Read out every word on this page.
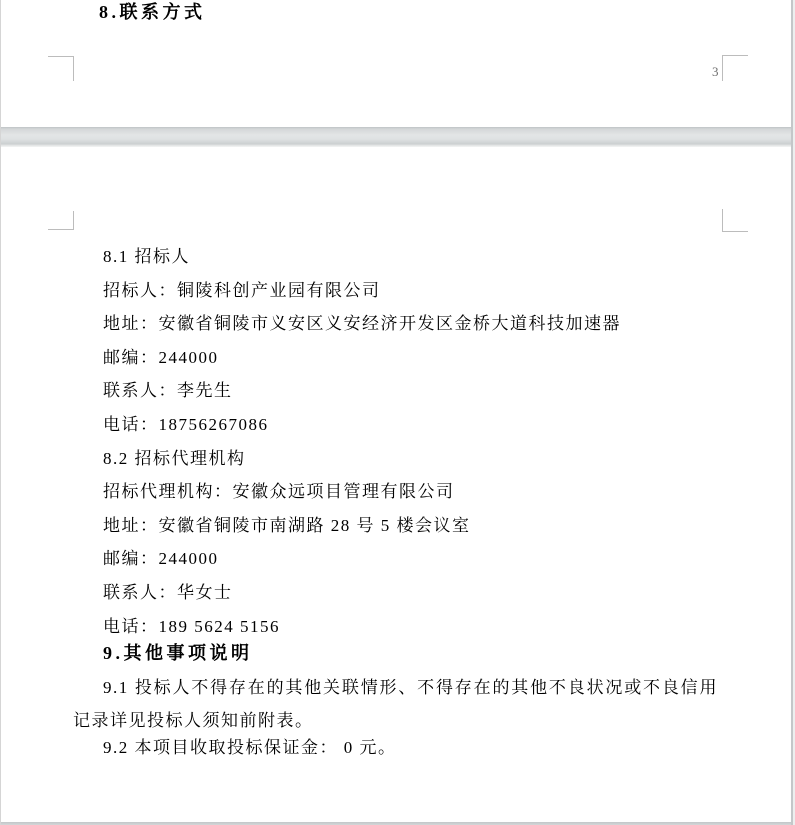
8.联系方式
3

8.1 招标人

招标人：铜陵科创产业园有限公司

地址：安徽省铜陵市义安区义安经济开发区金桥大道科技加速器

邮编：244000

联系人：李先生

电话：18756267086

8.2 招标代理机构

招标代理机构：安徽众远项目管理有限公司

地址：安徽省铜陵市南湖路 28 号 5 楼会议室

邮编：244000

联系人：华女士

电话：189 5624 5156

9.其他事项说明

9.1 投标人不得存在的其他关联情形、不得存在的其他不良状况或不良信用记录详见投标人须知前附表。

9.2 本项目收取投标保证金： 0 元。
